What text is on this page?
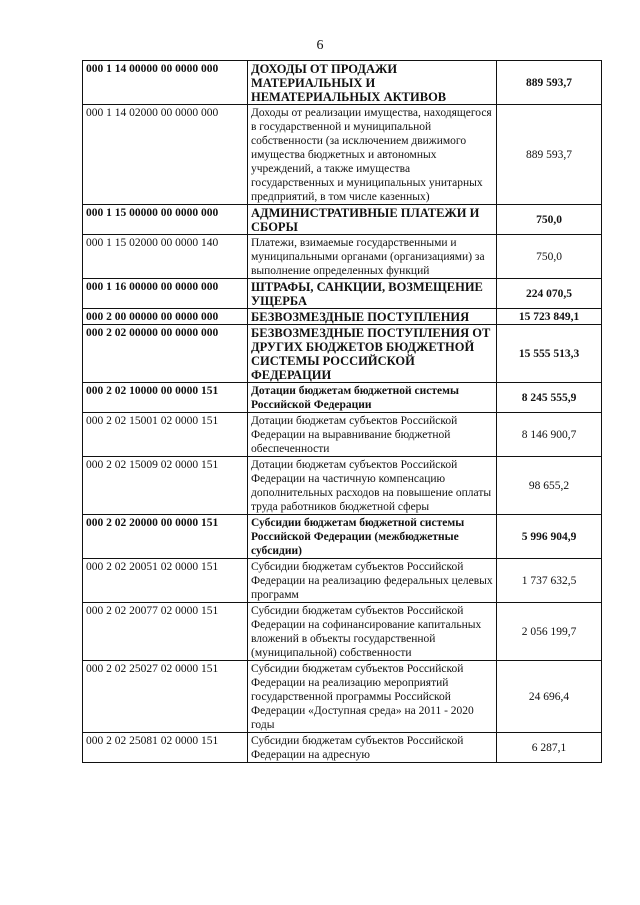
6
000 1 14 00000 00 0000 000	ДОХОДЫ ОТ ПРОДАЖИ МАТЕРИАЛЬНЫХ И НЕМАТЕРИАЛЬНЫХ АКТИВОВ	889 593,7
000 1 14 02000 00 0000 000	Доходы от реализации имущества, находящегося в государственной и муниципальной собственности (за исключением движимого имущества бюджетных и автономных учреждений, а также имущества государственных и муниципальных унитарных предприятий, в том числе казенных)	889 593,7
000 1 15 00000 00 0000 000	АДМИНИСТРАТИВНЫЕ ПЛАТЕЖИ И СБОРЫ	750,0
000 1 15 02000 00 0000 140	Платежи, взимаемые государственными и муниципальными органами (организациями) за выполнение определенных функций	750,0
000 1 16 00000 00 0000 000	ШТРАФЫ, САНКЦИИ, ВОЗМЕЩЕНИЕ УЩЕРБА	224 070,5
000 2 00 00000 00 0000 000	БЕЗВОЗМЕЗДНЫЕ ПОСТУПЛЕНИЯ	15 723 849,1
000 2 02 00000 00 0000 000	БЕЗВОЗМЕЗДНЫЕ ПОСТУПЛЕНИЯ ОТ ДРУГИХ БЮДЖЕТОВ БЮДЖЕТНОЙ СИСТЕМЫ РОССИЙСКОЙ ФЕДЕРАЦИИ	15 555 513,3
000 2 02 10000 00 0000 151	Дотации бюджетам бюджетной системы Российской Федерации	8 245 555,9
000 2 02 15001 02 0000 151	Дотации бюджетам субъектов Российской Федерации на выравнивание бюджетной обеспеченности	8 146 900,7
000 2 02 15009 02 0000 151	Дотации бюджетам субъектов Российской Федерации на частичную компенсацию дополнительных расходов на повышение оплаты труда работников бюджетной сферы	98 655,2
000 2 02 20000 00 0000 151	Субсидии бюджетам бюджетной системы Российской Федерации (межбюджетные субсидии)	5 996 904,9
000 2 02 20051 02 0000 151	Субсидии бюджетам субъектов Российской Федерации на реализацию федеральных целевых программ	1 737 632,5
000 2 02 20077 02 0000 151	Субсидии бюджетам субъектов Российской Федерации на софинансирование капитальных вложений в объекты государственной (муниципальной) собственности	2 056 199,7
000 2 02 25027 02 0000 151	Субсидии бюджетам субъектов Российской Федерации на реализацию мероприятий государственной программы Российской Федерации «Доступная среда» на 2011 - 2020 годы	24 696,4
000 2 02 25081 02 0000 151	Субсидии бюджетам субъектов Российской Федерации на адресную	6 287,1
